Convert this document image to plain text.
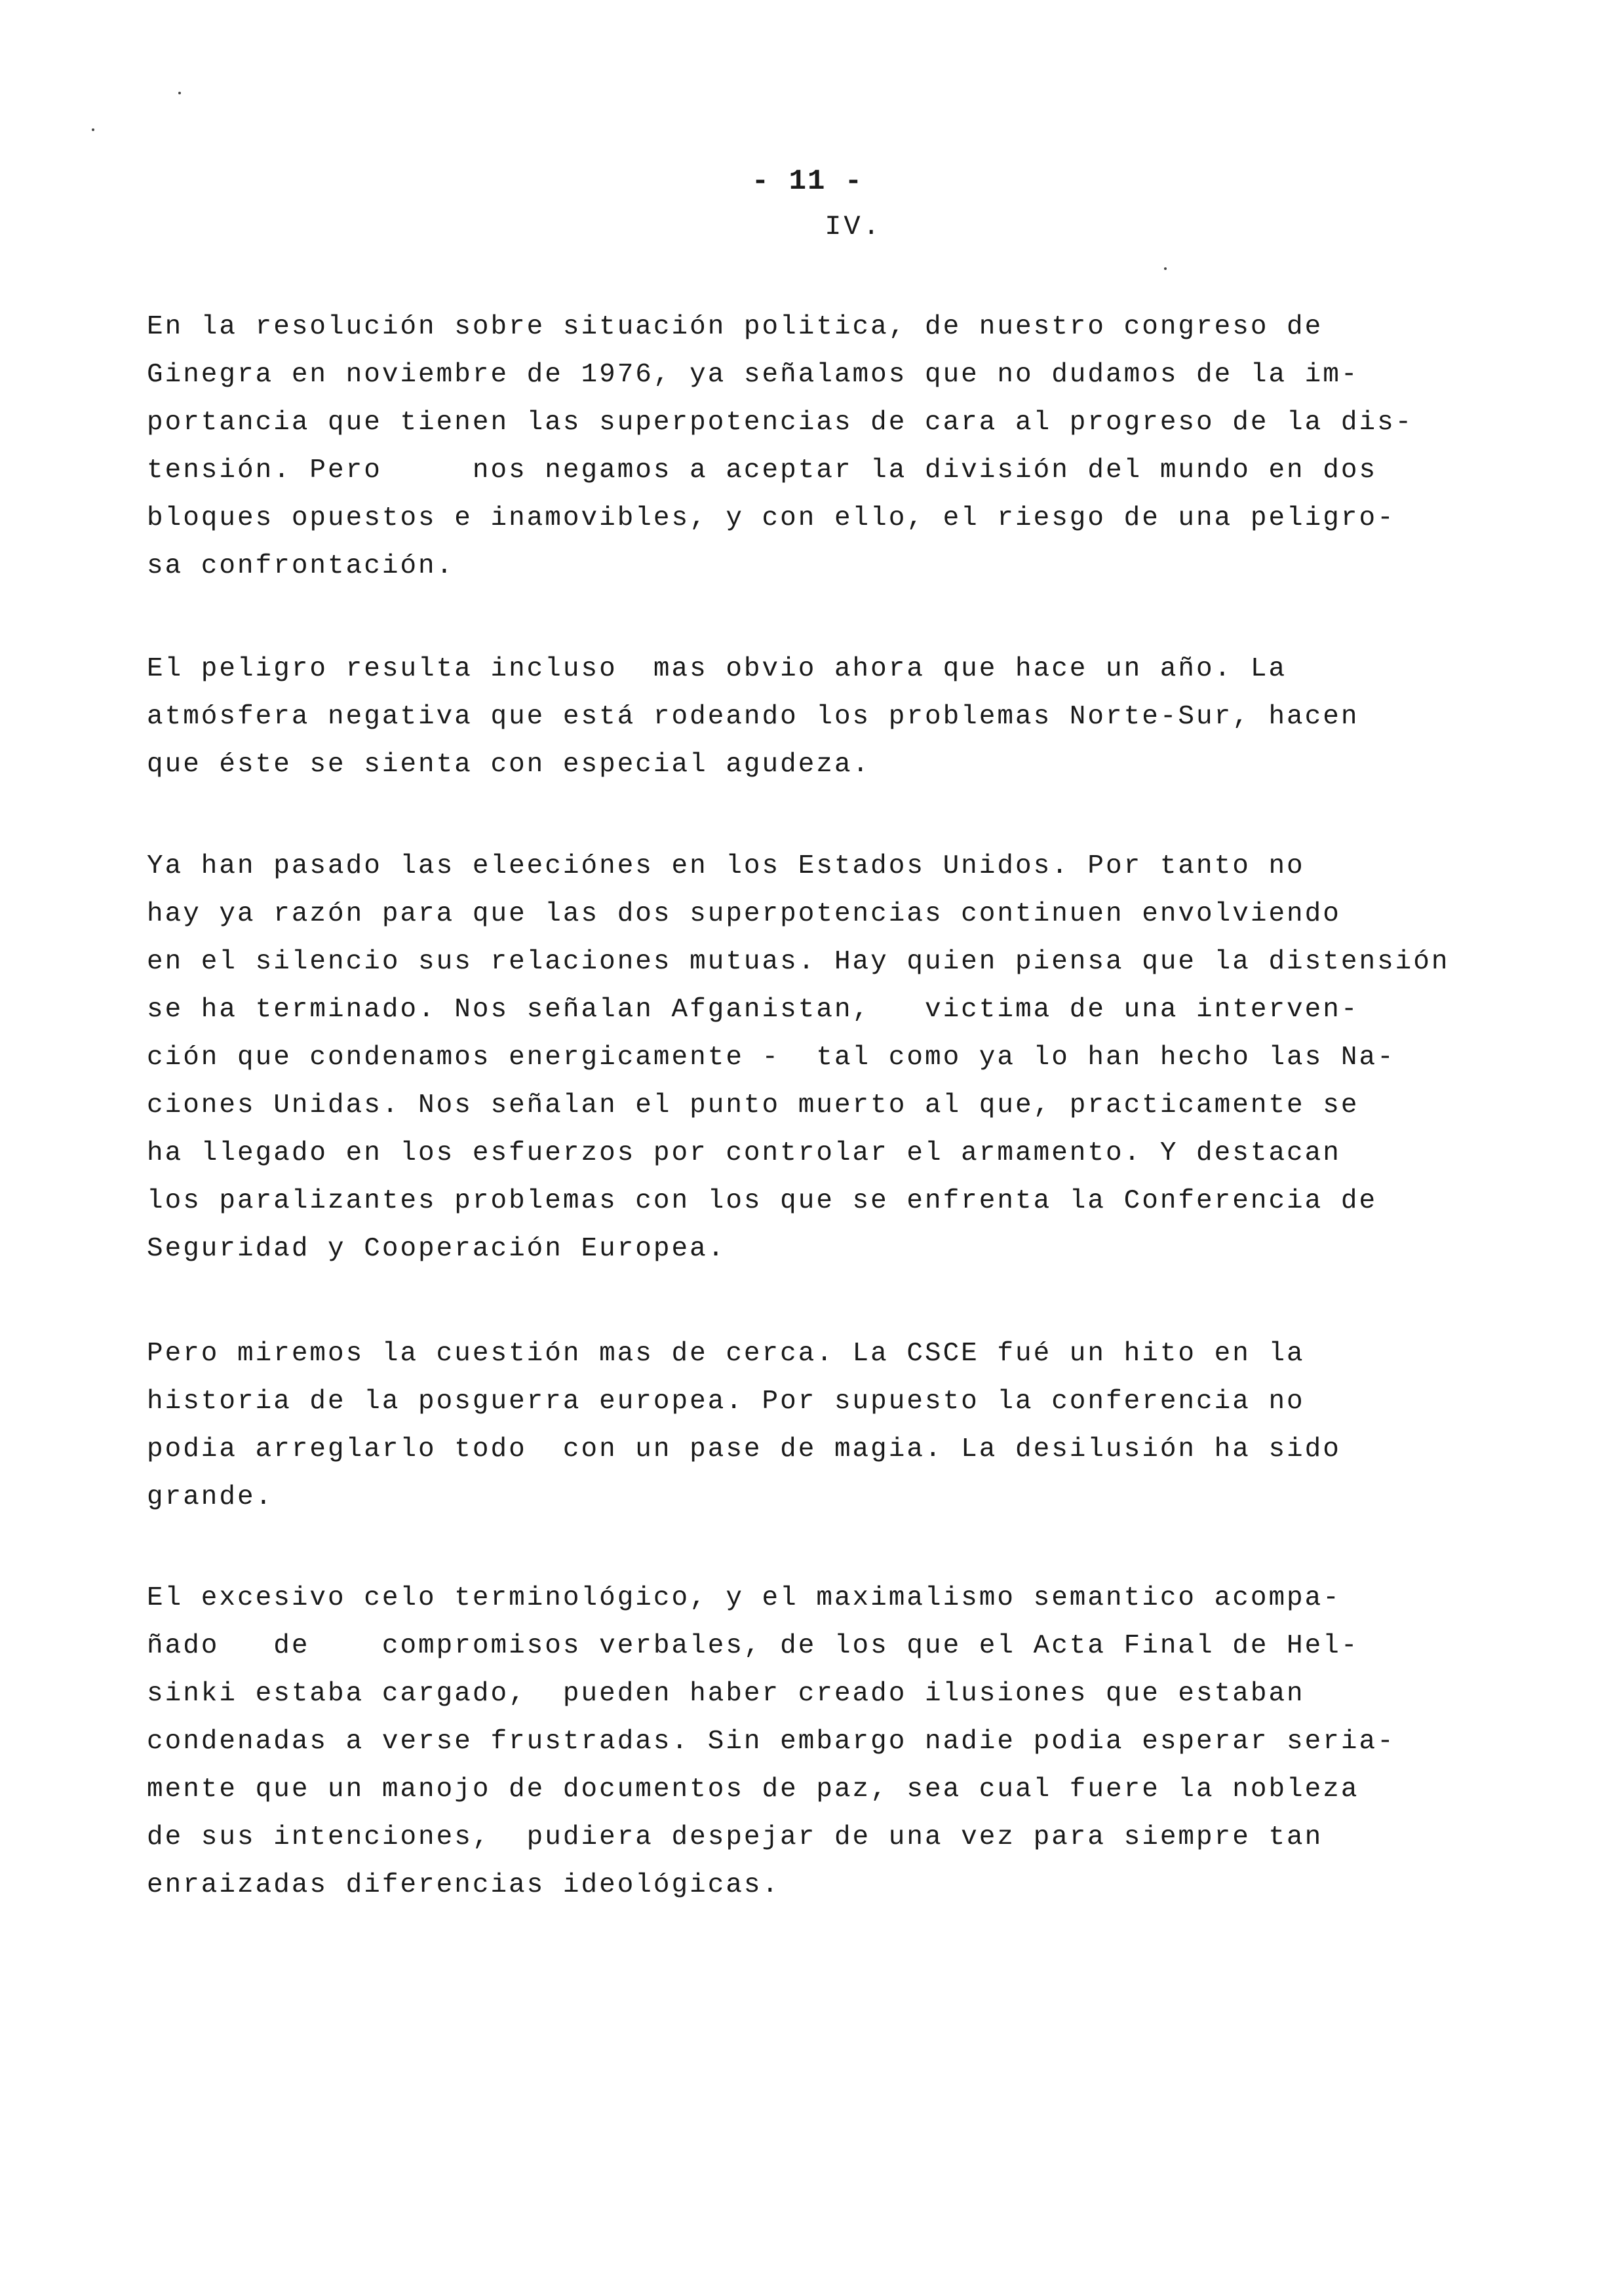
- 11 -
IV.
En la resolución sobre situación politica, de nuestro congreso de
Ginegra en noviembre de 1976, ya señalamos que no dudamos de la im-
portancia que tienen las superpotencias de cara al progreso de la dis-
tensión. Pero     nos negamos a aceptar la división del mundo en dos
bloques opuestos e inamovibles, y con ello, el riesgo de una peligro-
sa confrontación.
El peligro resulta incluso  mas obvio ahora que hace un año. La
atmósfera negativa que está rodeando los problemas Norte-Sur, hacen
que éste se sienta con especial agudeza.
Ya han pasado las eleeciónes en los Estados Unidos. Por tanto no
hay ya razón para que las dos superpotencias continuen envolviendo
en el silencio sus relaciones mutuas. Hay quien piensa que la distensión
se ha terminado. Nos señalan Afganistan,   victima de una interven-
ción que condenamos energicamente -  tal como ya lo han hecho las Na-
ciones Unidas. Nos señalan el punto muerto al que, practicamente se
ha llegado en los esfuerzos por controlar el armamento. Y destacan
los paralizantes problemas con los que se enfrenta la Conferencia de
Seguridad y Cooperación Europea.
Pero miremos la cuestión mas de cerca. La CSCE fué un hito en la
historia de la posguerra europea. Por supuesto la conferencia no
podia arreglarlo todo  con un pase de magia. La desilusión ha sido
grande.
El excesivo celo terminológico, y el maximalismo semantico acompa-
ñado   de    compromisos verbales, de los que el Acta Final de Hel-
sinki estaba cargado,  pueden haber creado ilusiones que estaban
condenadas a verse frustradas. Sin embargo nadie podia esperar seria-
mente que un manojo de documentos de paz, sea cual fuere la nobleza
de sus intenciones,  pudiera despejar de una vez para siempre tan
enraizadas diferencias ideológicas.
